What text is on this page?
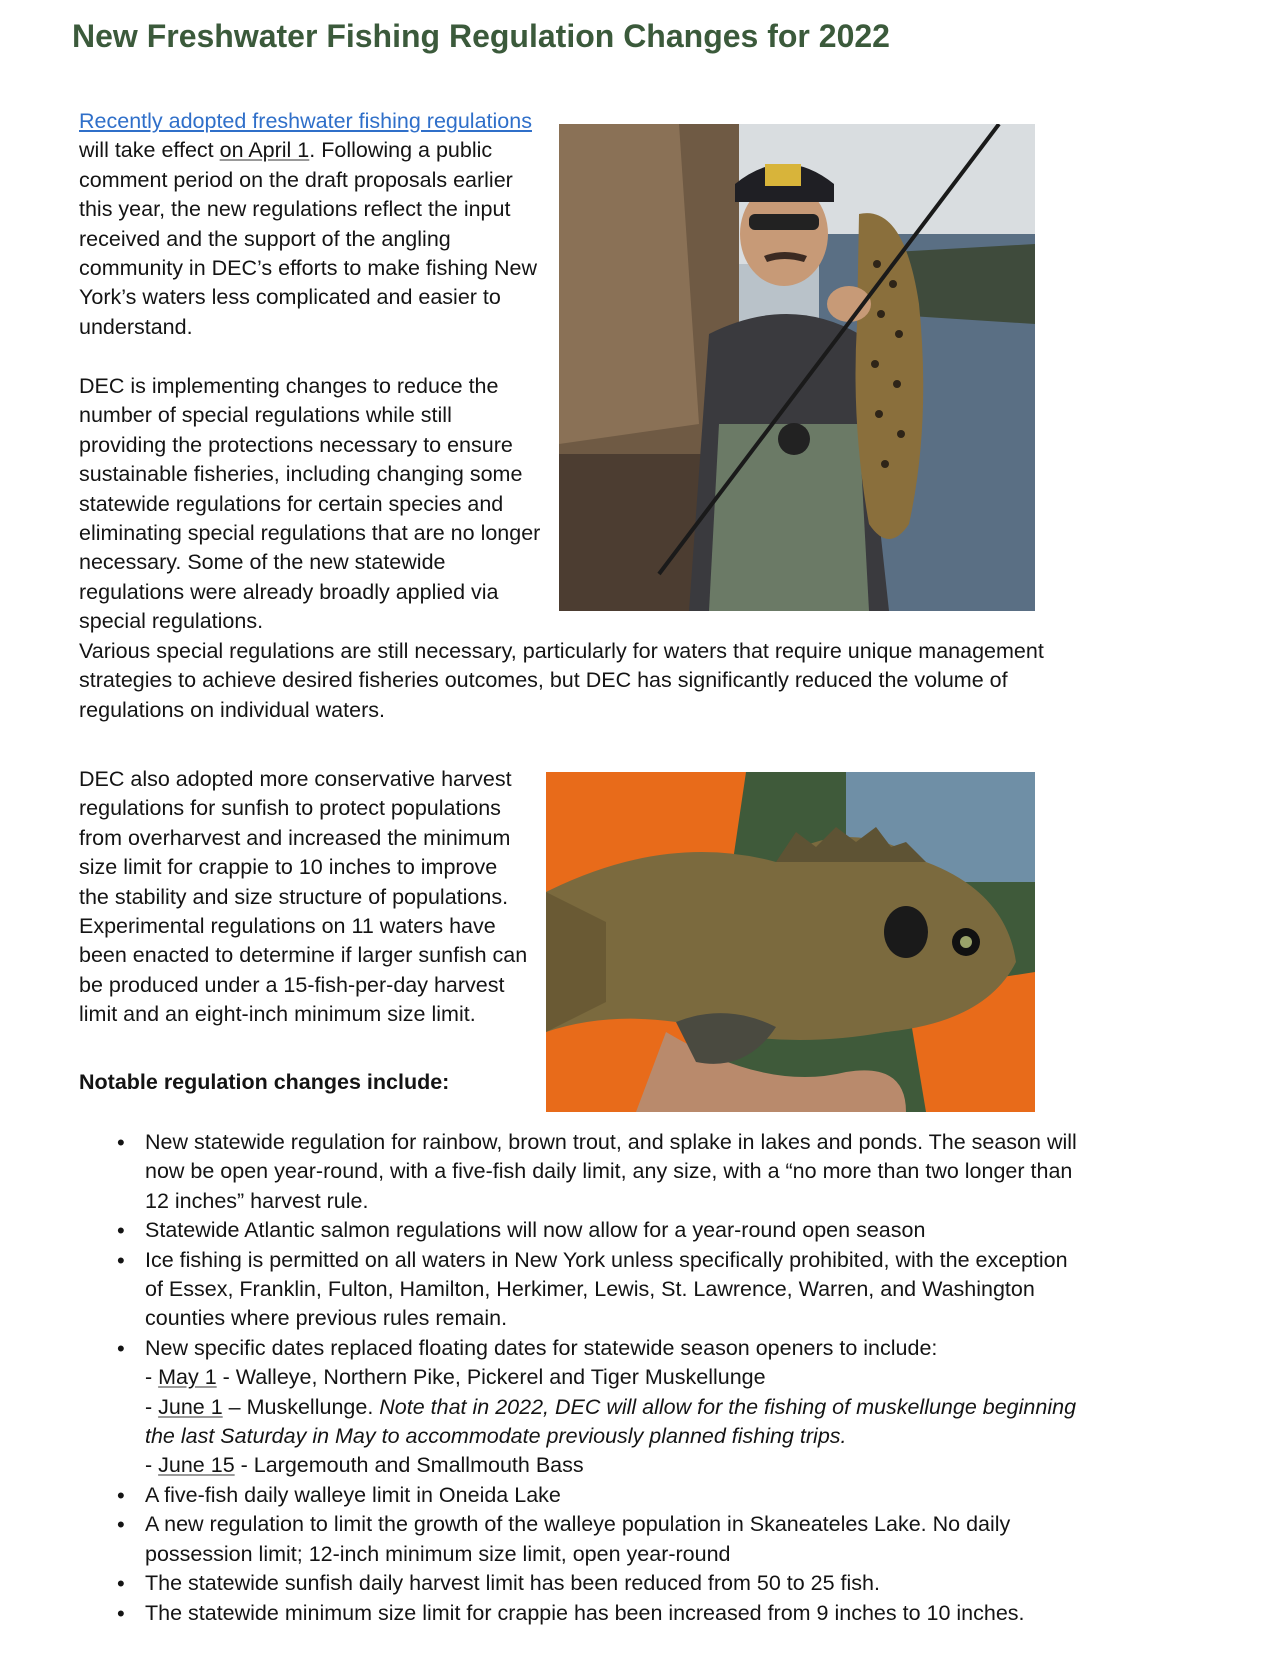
New Freshwater Fishing Regulation Changes for 2022

Recently adopted freshwater fishing regulations will take effect on April 1. Following a public comment period on the draft proposals earlier this year, the new regulations reflect the input received and the support of the angling community in DEC’s efforts to make fishing New York’s waters less complicated and easier to understand.

DEC is implementing changes to reduce the number of special regulations while still providing the protections necessary to ensure sustainable fisheries, including changing some statewide regulations for certain species and eliminating special regulations that are no longer necessary. Some of the new statewide regulations were already broadly applied via special regulations.

Various special regulations are still necessary, particularly for waters that require unique management strategies to achieve desired fisheries outcomes, but DEC has significantly reduced the volume of regulations on individual waters.

DEC also adopted more conservative harvest regulations for sunfish to protect populations from overharvest and increased the minimum size limit for crappie to 10 inches to improve the stability and size structure of populations. Experimental regulations on 11 waters have been enacted to determine if larger sunfish can be produced under a 15-fish-per-day harvest limit and an eight-inch minimum size limit.

Notable regulation changes include:

• New statewide regulation for rainbow, brown trout, and splake in lakes and ponds. The season will now be open year-round, with a five-fish daily limit, any size, with a “no more than two longer than 12 inches” harvest rule.
• Statewide Atlantic salmon regulations will now allow for a year-round open season
• Ice fishing is permitted on all waters in New York unless specifically prohibited, with the exception of Essex, Franklin, Fulton, Hamilton, Herkimer, Lewis, St. Lawrence, Warren, and Washington counties where previous rules remain.
• New specific dates replaced floating dates for statewide season openers to include:
- May 1 - Walleye, Northern Pike, Pickerel and Tiger Muskellunge
- June 1 – Muskellunge. Note that in 2022, DEC will allow for the fishing of muskellunge beginning the last Saturday in May to accommodate previously planned fishing trips.
- June 15 - Largemouth and Smallmouth Bass
• A five-fish daily walleye limit in Oneida Lake
• A new regulation to limit the growth of the walleye population in Skaneateles Lake. No daily possession limit; 12-inch minimum size limit, open year-round
• The statewide sunfish daily harvest limit has been reduced from 50 to 25 fish.
• The statewide minimum size limit for crappie has been increased from 9 inches to 10 inches.
